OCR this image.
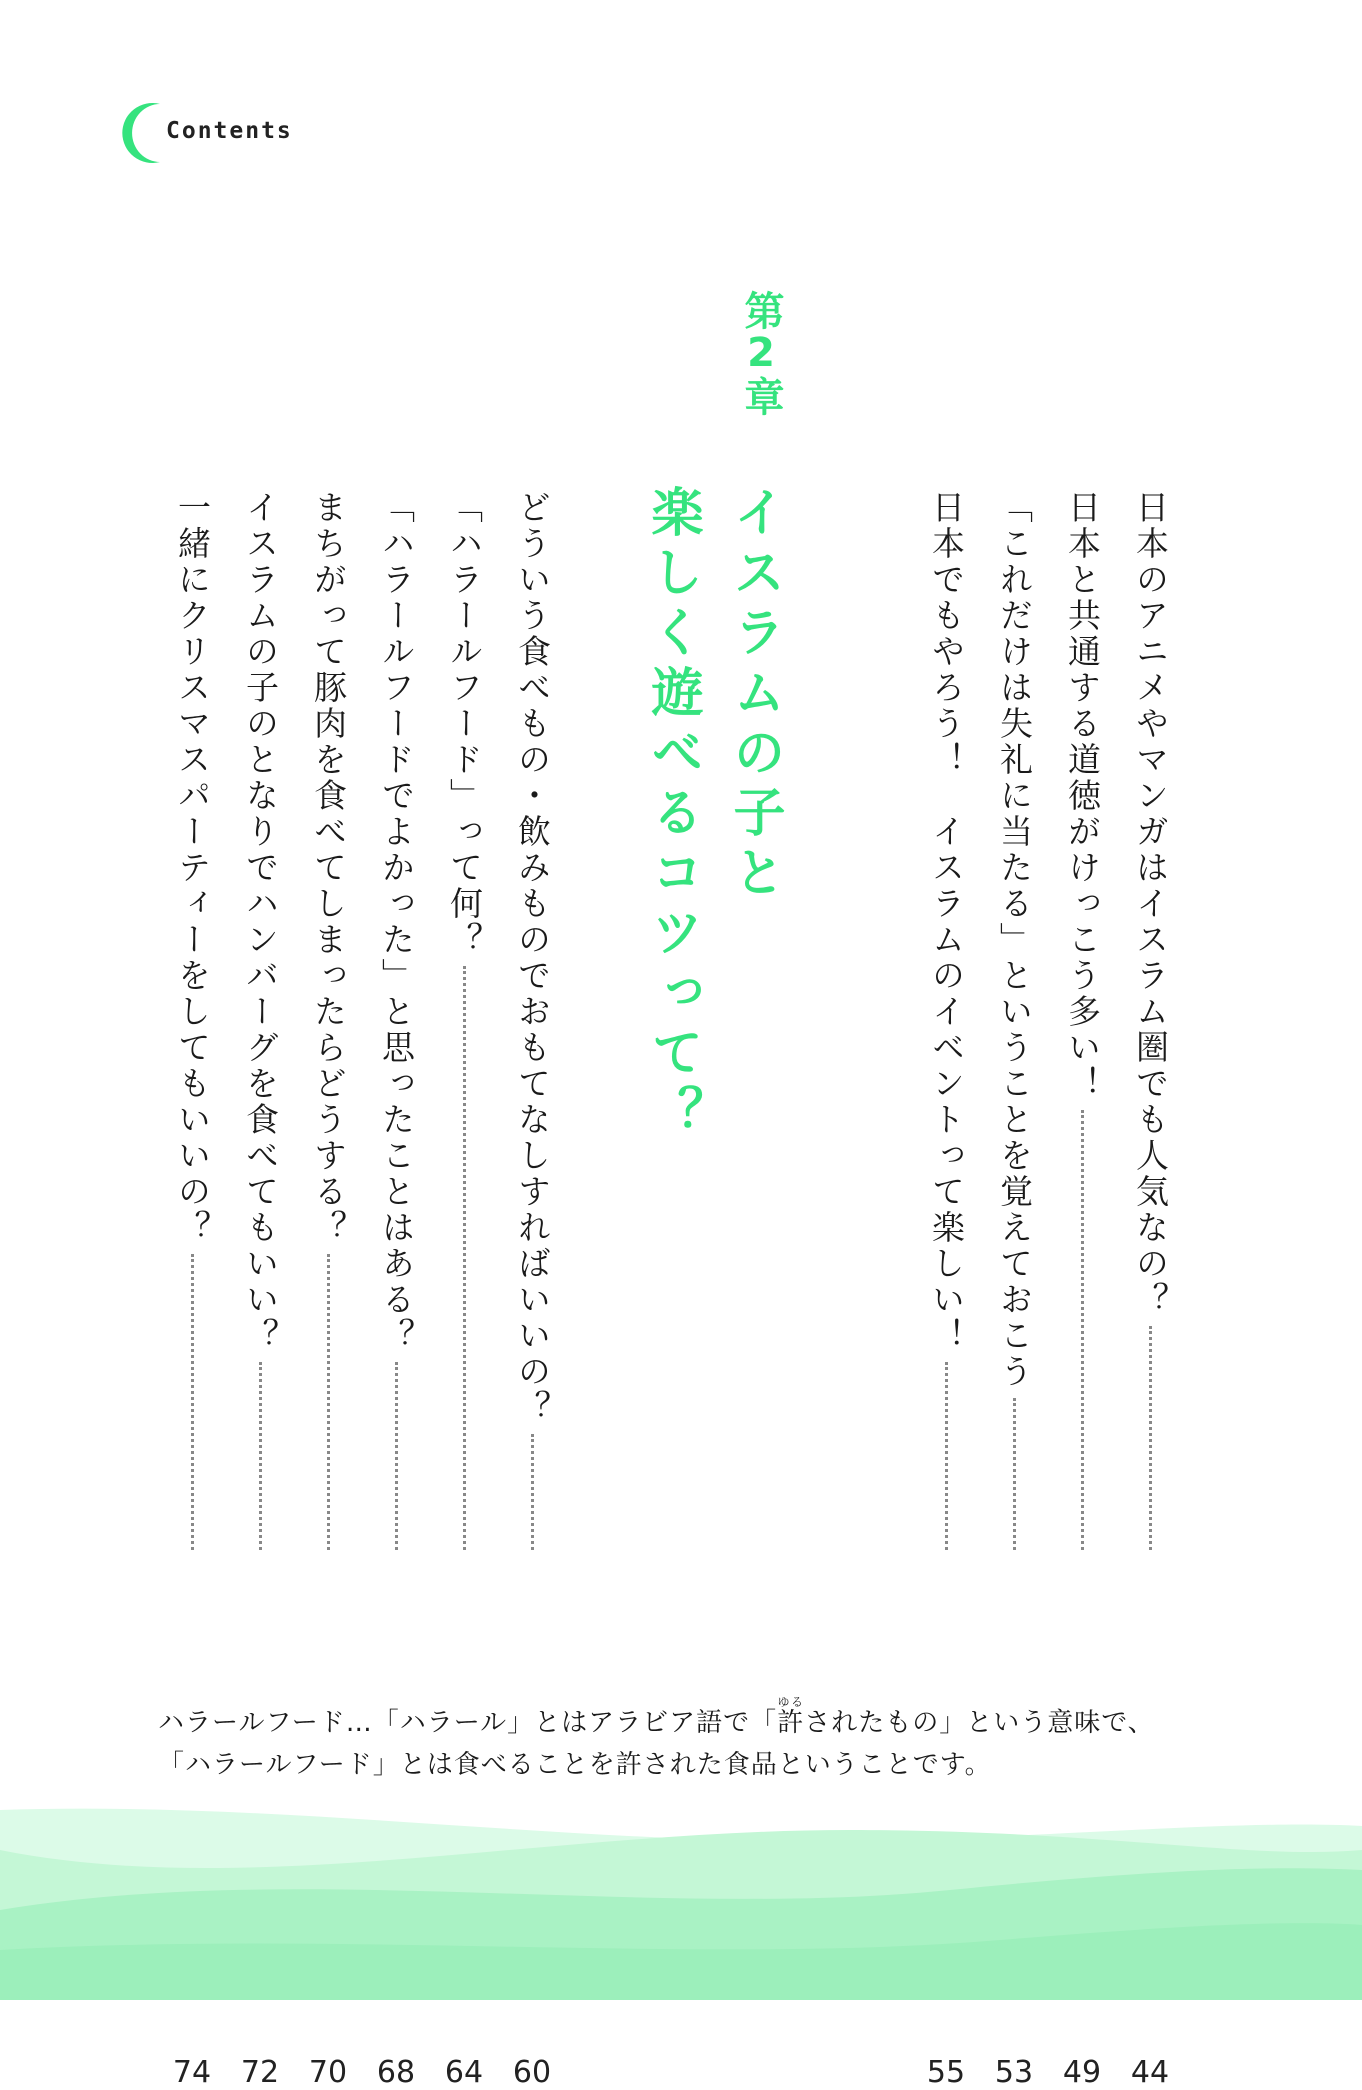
Contents
第2章
イスラムの子と
楽しく遊べるコツって？	日本のアニメやマンガはイスラム圏でも人気なの？
44
日本と共通する道徳がけっこう多い！
49
「これだけは失礼に当たる」ということを覚えておこう
53
日本でもやろう！　イスラムのイベントって楽しい！
55
どういう食べもの・飲みものでおもてなしすればいいの？
60
「ハラールフード」って何？
64
「ハラールフードでよかった」と思ったことはある？
68
まちがって豚肉を食べてしまったらどうする？
70
イスラムの子のとなりでハンバーグを食べてもいい？
72
一緒にクリスマスパーティーをしてもいいの？
74
ハラールフード…「ハラール」とはアラビア語で「許ゆるされたもの」という意味で、「ハラールフード」とは食べることを許された食品ということです。
